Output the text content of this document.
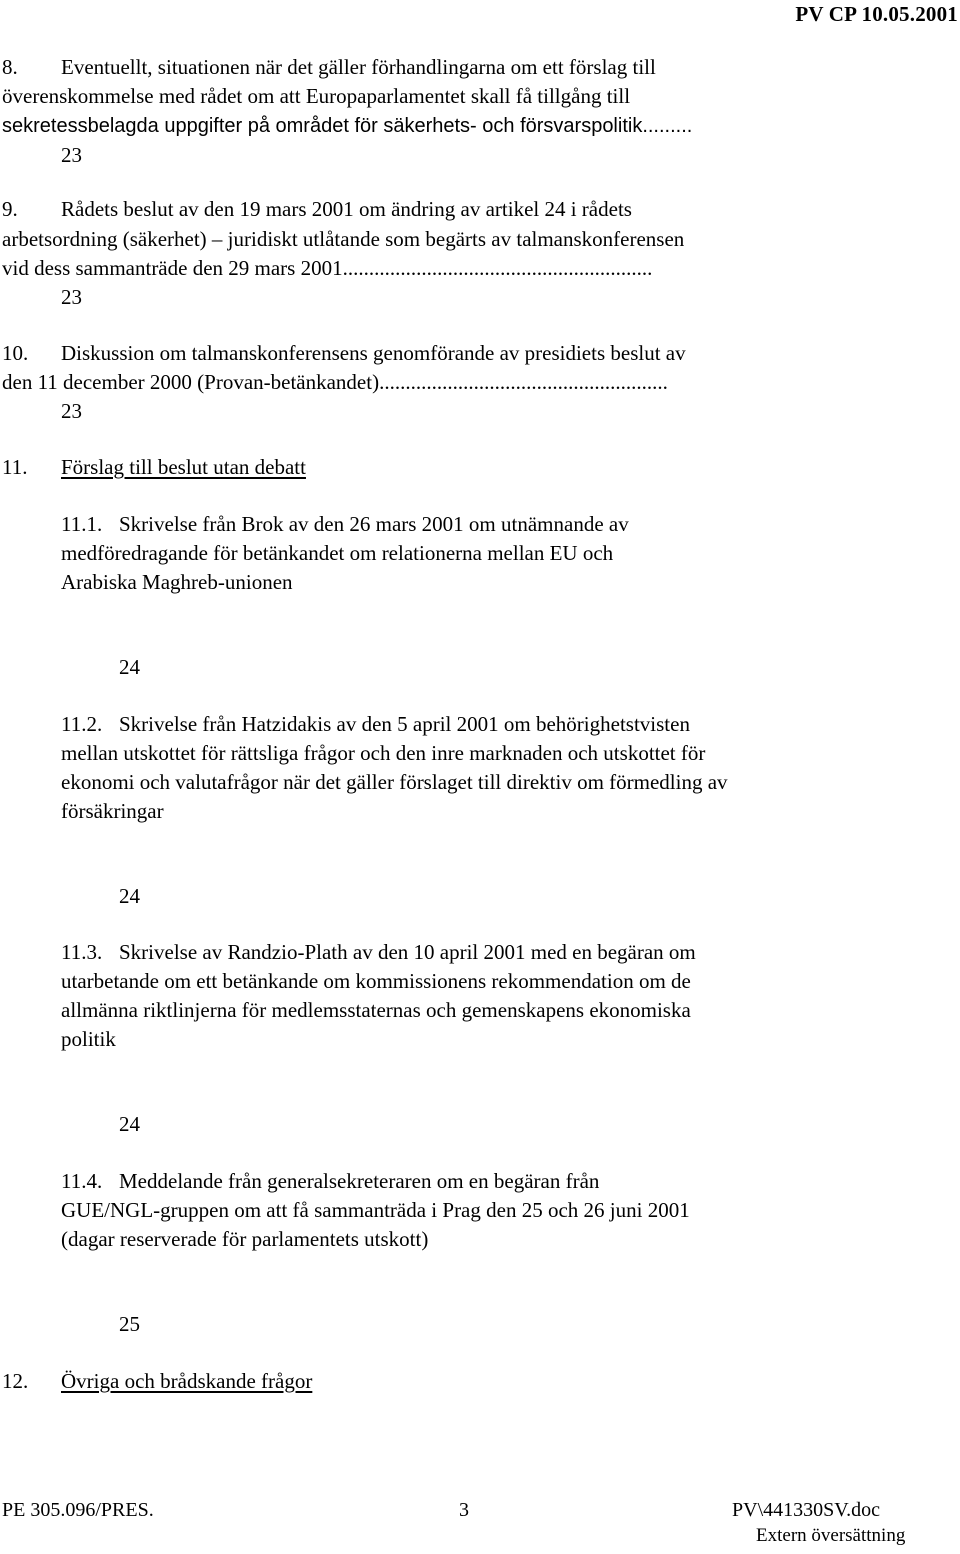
PV CP 10.05.2001
8. Eventuellt, situationen när det gäller förhandlingarna om ett förslag till
överenskommelse med rådet om att Europaparlamentet skall få tillgång till
sekretessbelagda uppgifter på området för säkerhets- och försvarspolitik.........
23
9. Rådets beslut av den 19 mars 2001 om ändring av artikel 24 i rådets
arbetsordning (säkerhet) – juridiskt utlåtande som begärts av talmanskonferensen
vid dess sammanträde den 29 mars 2001...........................................................
23
10. Diskussion om talmanskonferensens genomförande av presidiets beslut av
den 11 december 2000 (Provan-betänkandet).......................................................
23
11. Förslag till beslut utan debatt
11.1. Skrivelse från Brok av den 26 mars 2001 om utnämnande av
medföredragande för betänkandet om relationerna mellan EU och
Arabiska Maghreb-unionen
24
11.2. Skrivelse från Hatzidakis av den 5 april 2001 om behörighetstvisten
mellan utskottet för rättsliga frågor och den inre marknaden och utskottet för
ekonomi och valutafrågor när det gäller förslaget till direktiv om förmedling av
försäkringar
24
11.3. Skrivelse av Randzio-Plath av den 10 april 2001 med en begäran om
utarbetande om ett betänkande om kommissionens rekommendation om de
allmänna riktlinjerna för medlemsstaternas och gemenskapens ekonomiska
politik
24
11.4. Meddelande från generalsekreteraren om en begäran från
GUE/NGL-gruppen om att få sammanträda i Prag den 25 och 26 juni 2001
(dagar reserverade för parlamentets utskott)
25
12. Övriga och brådskande frågor
PE 305.096/PRES.	3	PV\441330SV.doc
Extern översättning
